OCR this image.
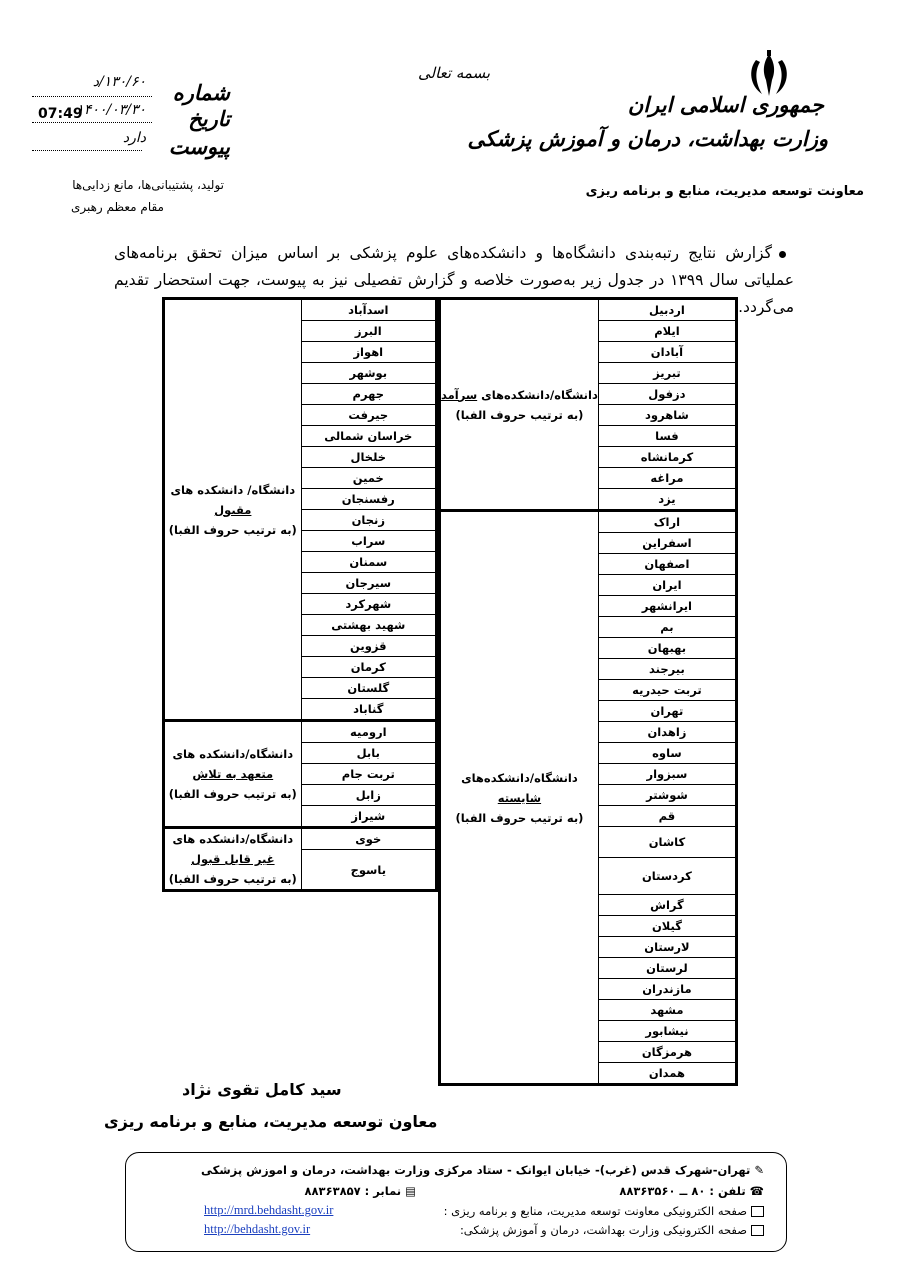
جمهوری اسلامی ایران
وزارت بهداشت، درمان و آموزش پزشکی
معاونت توسعه مدیریت، منابع و برنامه ریزی
بسمه تعالی
شماره
۱۳۰/۶۰/د
تاریخ
۱۴۰۰/۰۳/۳۰
پیوست
دارد
07:49
تولید، پشتیبانی‌ها، مانع زدایی‌ها
مقام معظم رهبری
گزارش نتایج رتبه‌بندی دانشگاه‌ها و دانشکده‌های علوم پزشکی بر اساس میزان تحقق برنامه‌های عملیاتی سال ۱۳۹۹ در جدول زیر به‌صورت خلاصه و گزارش تفصیلی نیز به پیوست، جهت استحضار تقدیم می‌گردد.
اردبیل	دانشگاه/دانشکده‌های سرآمد
(به ترتیب حروف الفبا)

ایلام	
آبادان	
تبریز	
دزفول	
شاهرود	
فسا	
کرمانشاه	
مراغه	
یزد	
اراک	دانشگاه/دانشکده‌های
شایسته
(به ترتیب حروف الفبا)

اسفراین	
اصفهان	
ایران	
ایرانشهر	
بم	
بهبهان	
بیرجند	
تربت حیدریه	
تهران	
زاهدان	
ساوه	
سبزوار	
شوشتر	
قم	
کاشان	
کردستان	
گراش	
گیلان	
لارستان	
لرستان	
مازندران	
مشهد	
نیشابور	
هرمزگان	
همدان	
اسدآباد	دانشگاه/ دانشکده های
مقبول
(به ترتیب حروف الفبا)

البرز	
اهواز	
بوشهر	
جهرم	
جیرفت	
خراسان شمالی	
خلخال	
خمین	
رفسنجان	
زنجان	
سراب	
سمنان	
سیرجان	
شهرکرد	
شهید بهشتی	
قزوین	
کرمان	
گلستان	
گناباد	
ارومیه	دانشگاه/دانشکده های
متعهد به تلاش
(به ترتیب حروف الفبا)

بابل	
تربت جام	
زابل	
شیراز	
خوی	دانشگاه/دانشکده های
غیر قابل قبول
(به ترتیب حروف الفبا)

یاسوج	
سید کامل تقوی نژاد
معاون توسعه مدیریت، منابع و برنامه ریزی
✎ تهران-شهرک قدس (غرب)- خیابان ایوانک - ستاد مرکزی وزارت بهداشت، درمان و اموزش پزشکی
☎ تلفن : ۸۰ ــ ۸۸۳۶۳۵۶۰
▤ نمابر : ۸۸۳۶۳۸۵۷
صفحه الکترونیکی معاونت توسعه مدیریت، منابع و برنامه ریزی :
صفحه الکترونیکی وزارت بهداشت، درمان و آموزش پزشکی:
http://mrd.behdasht.gov.ir
http://behdasht.gov.ir
